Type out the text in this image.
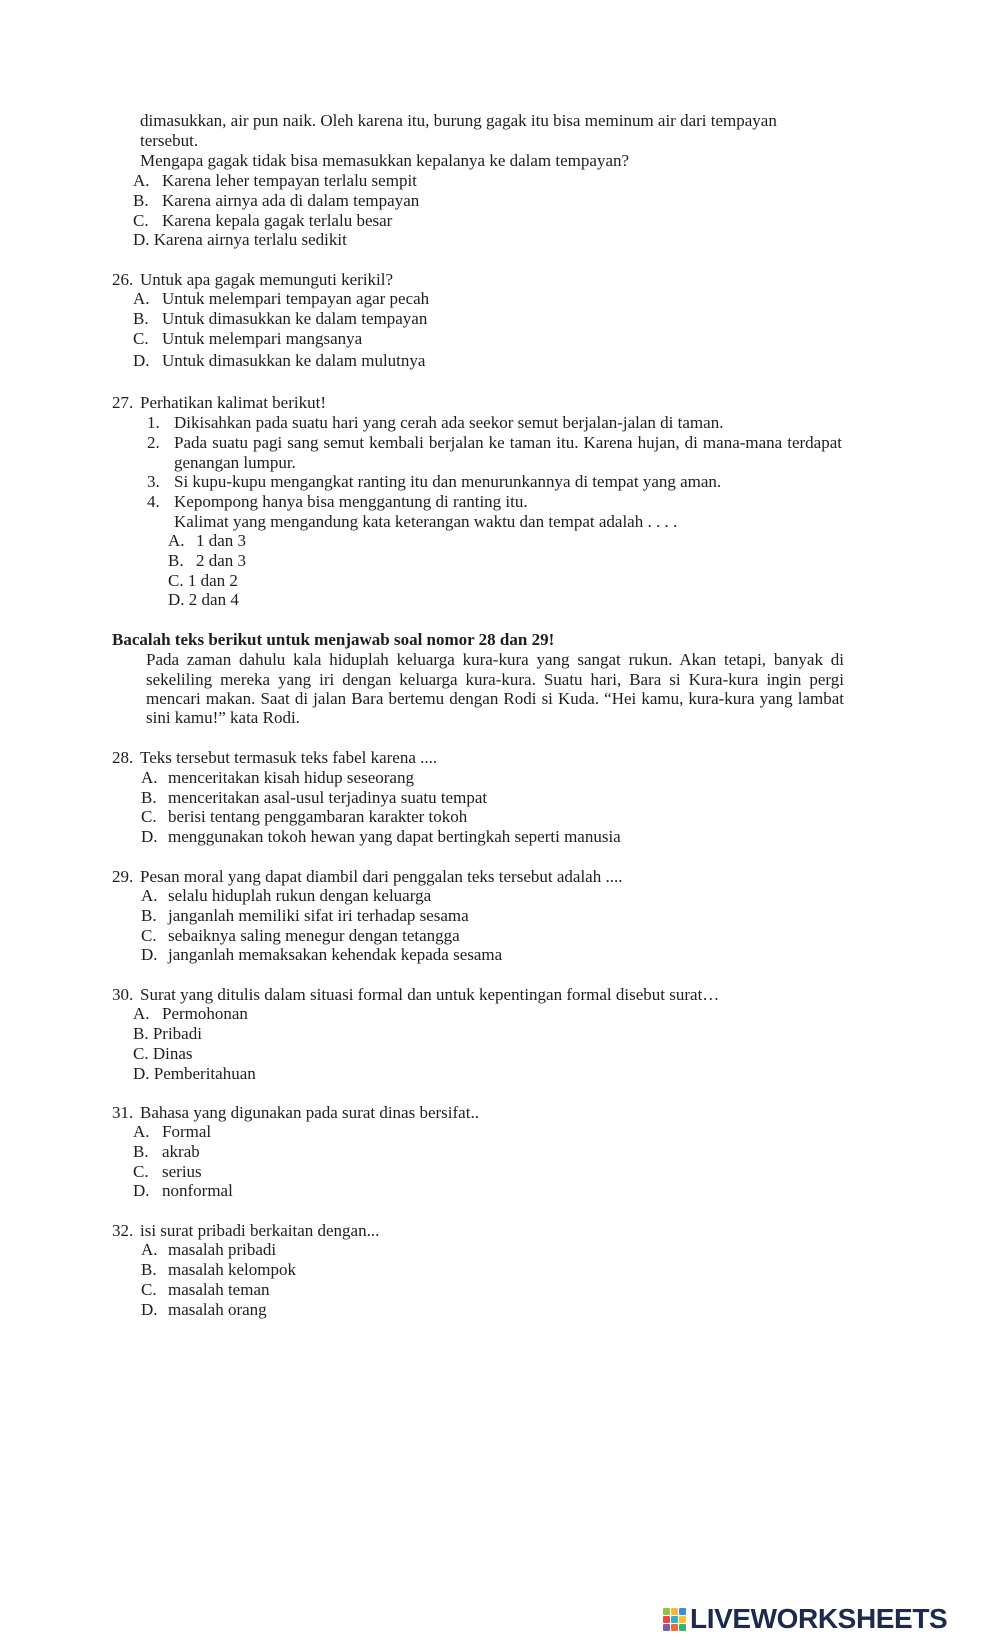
dimasukkan, air pun naik. Oleh karena itu, burung gagak itu bisa meminum air dari tempayan

tersebut.

Mengapa gagak tidak bisa memasukkan kepalanya ke dalam tempayan?

A. Karena leher tempayan terlalu sempit
B. Karena airnya ada di dalam tempayan
C. Karena kepala gagak terlalu besar
D. Karena airnya terlalu sedikit

26. Untuk apa gagak memunguti kerikil?

A. Untuk melempari tempayan agar pecah
B. Untuk dimasukkan ke dalam tempayan
C. Untuk melempari mangsanya
D. Untuk dimasukkan ke dalam mulutnya

27. Perhatikan kalimat berikut!

1. Dikisahkan pada suatu hari yang cerah ada seekor semut berjalan-jalan di taman.
2. Pada suatu pagi sang semut kembali berjalan ke taman itu. Karena hujan, di mana-mana terdapat

genangan lumpur.

3. Si kupu-kupu mengangkat ranting itu dan menurunkannya di tempat yang aman.
4. Kepompong hanya bisa menggantung di ranting itu.

Kalimat yang mengandung kata keterangan waktu dan tempat adalah . . . .

A. 1 dan 3
B. 2 dan 3
C. 1 dan 2
D. 2 dan 4

Bacalah teks berikut untuk menjawab soal nomor 28 dan 29!

Pada zaman dahulu kala hiduplah keluarga kura-kura yang sangat rukun. Akan tetapi, banyak di

sekeliling mereka yang iri dengan keluarga kura-kura. Suatu hari, Bara si Kura-kura ingin pergi

mencari makan. Saat di jalan Bara bertemu dengan Rodi si Kuda. “Hei kamu, kura-kura yang lambat

sini kamu!” kata Rodi.

28. Teks tersebut termasuk teks fabel karena ....

A. menceritakan kisah hidup seseorang
B. menceritakan asal-usul terjadinya suatu tempat
C. berisi tentang penggambaran karakter tokoh
D. menggunakan tokoh hewan yang dapat bertingkah seperti manusia

29. Pesan moral yang dapat diambil dari penggalan teks tersebut adalah ....

A. selalu hiduplah rukun dengan keluarga
B. janganlah memiliki sifat iri terhadap sesama
C. sebaiknya saling menegur dengan tetangga
D. janganlah memaksakan kehendak kepada sesama

30. Surat yang ditulis dalam situasi formal dan untuk kepentingan formal disebut surat…

A. Permohonan
B. Pribadi
C. Dinas
D. Pemberitahuan

31. Bahasa yang digunakan pada surat dinas bersifat..

A. Formal
B. akrab
C. serius
D. nonformal

32. isi surat pribadi berkaitan dengan...

A. masalah pribadi
B. masalah kelompok
C. masalah teman
D. masalah orang
LIVEWORKSHEETS
